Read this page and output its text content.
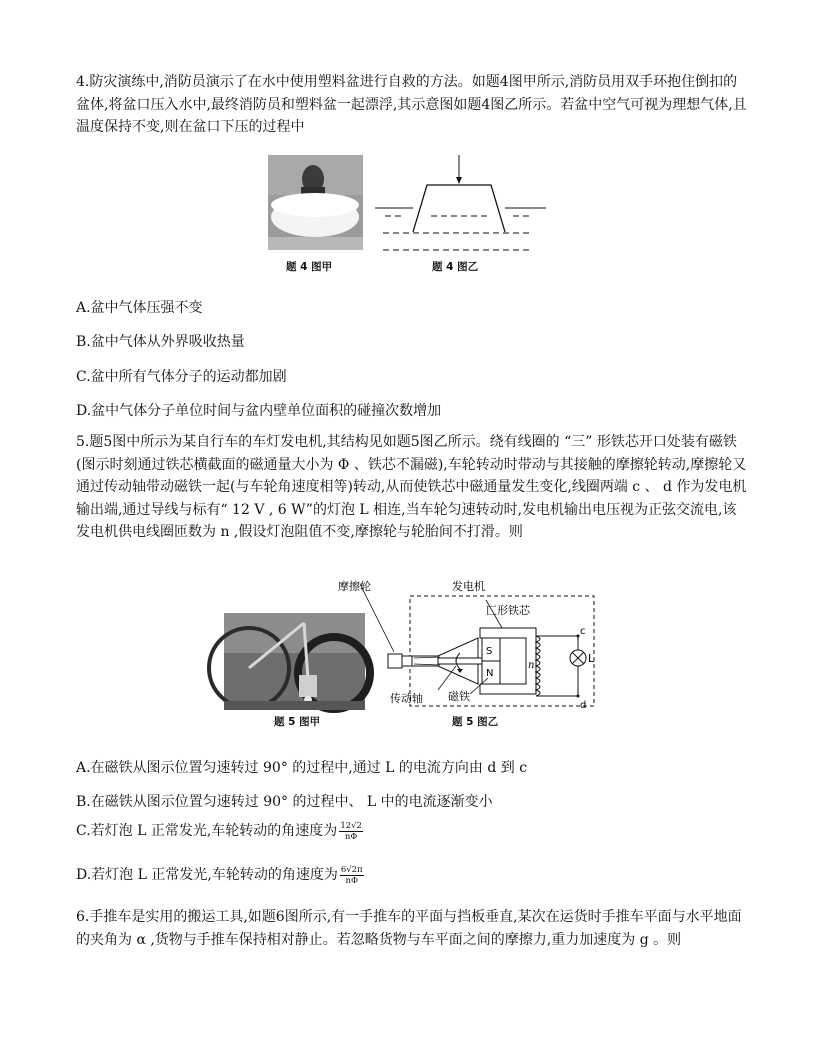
4.防灾演练中,消防员演示了在水中使用塑料盆进行自救的方法。如题4图甲所示,消防员用双手环抱住倒扣的盆体,将盆口压入水中,最终消防员和塑料盆一起漂浮,其示意图如题4图乙所示。若盆中空气可视为理想气体,且温度保持不变,则在盆口下压的过程中

题 4 图甲	题 4 图乙

A.盆中气体压强不变

B.盆中气体从外界吸收热量

C.盆中所有气体分子的运动都加剧

D.盆中气体分子单位时间与盆内壁单位面积的碰撞次数增加

5.题5图中所示为某自行车的车灯发电机,其结构见如题5图乙所示。绕有线圈的 “三” 形铁芯开口处装有磁铁(图示时刻通过铁芯横截面的磁通量大小为 Φ 、铁芯不漏磁),车轮转动时带动与其接触的摩擦轮转动,摩擦轮又通过传动轴带动磁铁一起(与车轮角速度相等)转动,从而使铁芯中磁通量发生变化,线圈两端 c 、 d 作为发电机输出端,通过导线与标有“ 12 V , 6 W”的灯泡 L 相连,当车轮匀速转动时,发电机输出电压视为正弦交流电,该发电机供电线圈匝数为 n ,假设灯泡阻值不变,摩擦轮与轮胎间不打滑。则

题 5 图甲
摩擦轮	发电机
匚形铁芯
S
N
n
c
d
L
传动轴 磁铁
题 5 图乙

A.在磁铁从图示位置匀速转过 90° 的过程中,通过 L 的电流方向由 d 到 c

B.在磁铁从图示位置匀速转过 90° 的过程中、 L 中的电流逐渐变小

C.若灯泡 L 正常发光,车轮转动的角速度为 $\frac{12√2}{n\Phi}$
D.若灯泡 L 正常发光,车轮转动的角速度为 $\frac{6√2\pi}{n\Phi}$

6.手推车是实用的搬运工具,如题6图所示,有一手推车的平面与挡板垂直,某次在运货时手推车平面与水平地面的夹角为 α ,货物与手推车保持相对静止。若忽略货物与车平面之间的摩擦力,重力加速度为 g 。则
